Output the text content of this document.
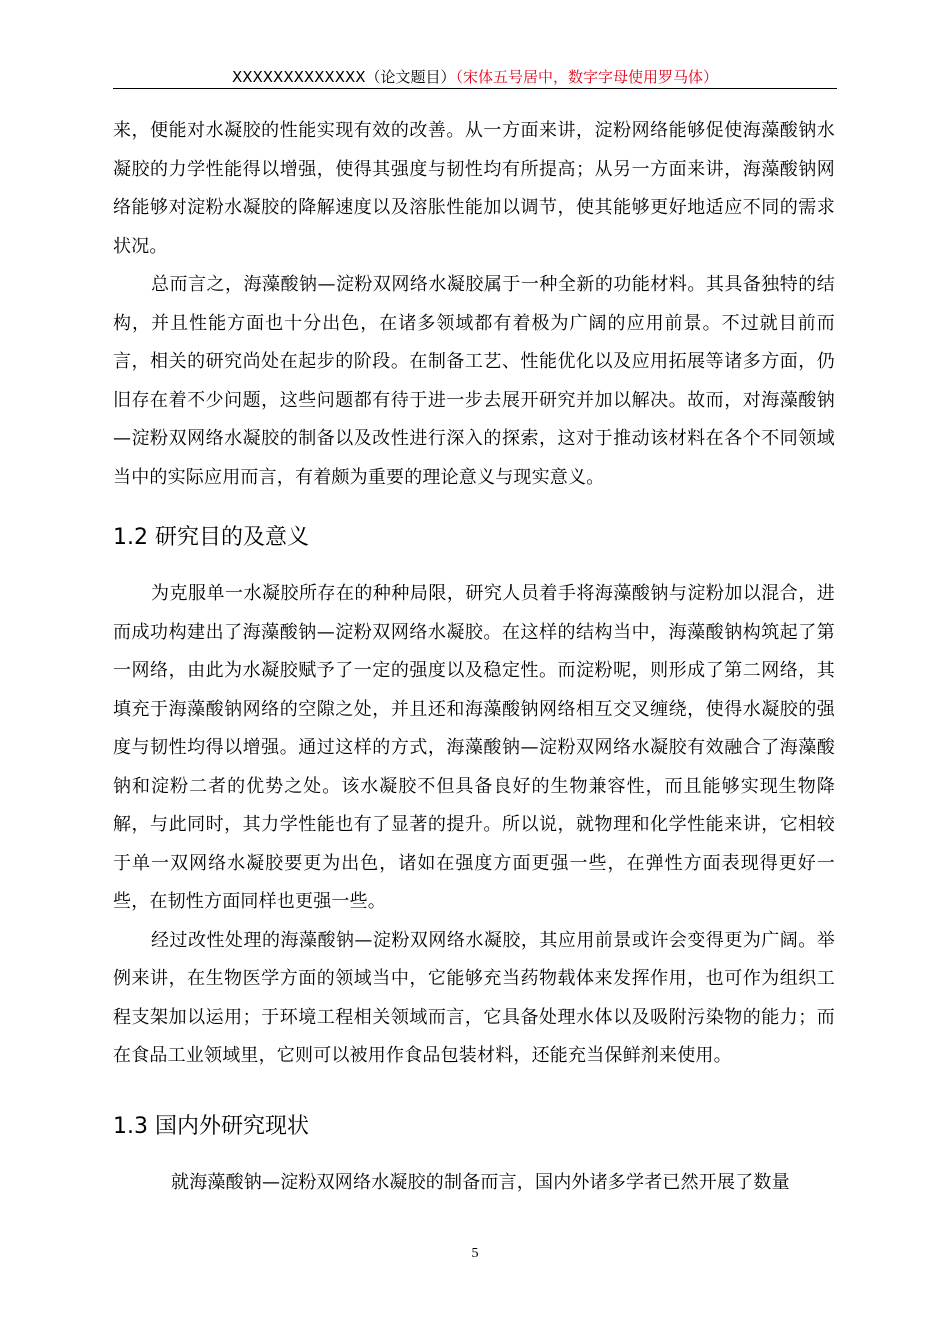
XXXXXXXXXXXXX（论文题目）（宋体五号居中，数字字母使用罗马体）

来，便能对水凝胶的性能实现有效的改善。从一方面来讲，淀粉网络能够促使海藻酸钠水凝胶的力学性能得以增强，使得其强度与韧性均有所提高；从另一方面来讲，海藻酸钠网络能够对淀粉水凝胶的降解速度以及溶胀性能加以调节，使其能够更好地适应不同的需求状况。

总而言之，海藻酸钠—淀粉双网络水凝胶属于一种全新的功能材料。其具备独特的结构，并且性能方面也十分出色，在诸多领域都有着极为广阔的应用前景。不过就目前而言，相关的研究尚处在起步的阶段。在制备工艺、性能优化以及应用拓展等诸多方面，仍旧存在着不少问题，这些问题都有待于进一步去展开研究并加以解决。故而，对海藻酸钠—淀粉双网络水凝胶的制备以及改性进行深入的探索，这对于推动该材料在各个不同领域当中的实际应用而言，有着颇为重要的理论意义与现实意义。

1.2 研究目的及意义

为克服单一水凝胶所存在的种种局限，研究人员着手将海藻酸钠与淀粉加以混合，进而成功构建出了海藻酸钠—淀粉双网络水凝胶。在这样的结构当中，海藻酸钠构筑起了第一网络，由此为水凝胶赋予了一定的强度以及稳定性。而淀粉呢，则形成了第二网络，其填充于海藻酸钠网络的空隙之处，并且还和海藻酸钠网络相互交叉缠绕，使得水凝胶的强度与韧性均得以增强。通过这样的方式，海藻酸钠—淀粉双网络水凝胶有效融合了海藻酸钠和淀粉二者的优势之处。该水凝胶不但具备良好的生物兼容性，而且能够实现生物降解，与此同时，其力学性能也有了显著的提升。所以说，就物理和化学性能来讲，它相较于单一双网络水凝胶要更为出色，诸如在强度方面更强一些，在弹性方面表现得更好一些，在韧性方面同样也更强一些。

经过改性处理的海藻酸钠—淀粉双网络水凝胶，其应用前景或许会变得更为广阔。举例来讲，在生物医学方面的领域当中，它能够充当药物载体来发挥作用，也可作为组织工程支架加以运用；于环境工程相关领域而言，它具备处理水体以及吸附污染物的能力；而在食品工业领域里，它则可以被用作食品包装材料，还能充当保鲜剂来使用。

1.3 国内外研究现状

就海藻酸钠—淀粉双网络水凝胶的制备而言，国内外诸多学者已然开展了数量

5
